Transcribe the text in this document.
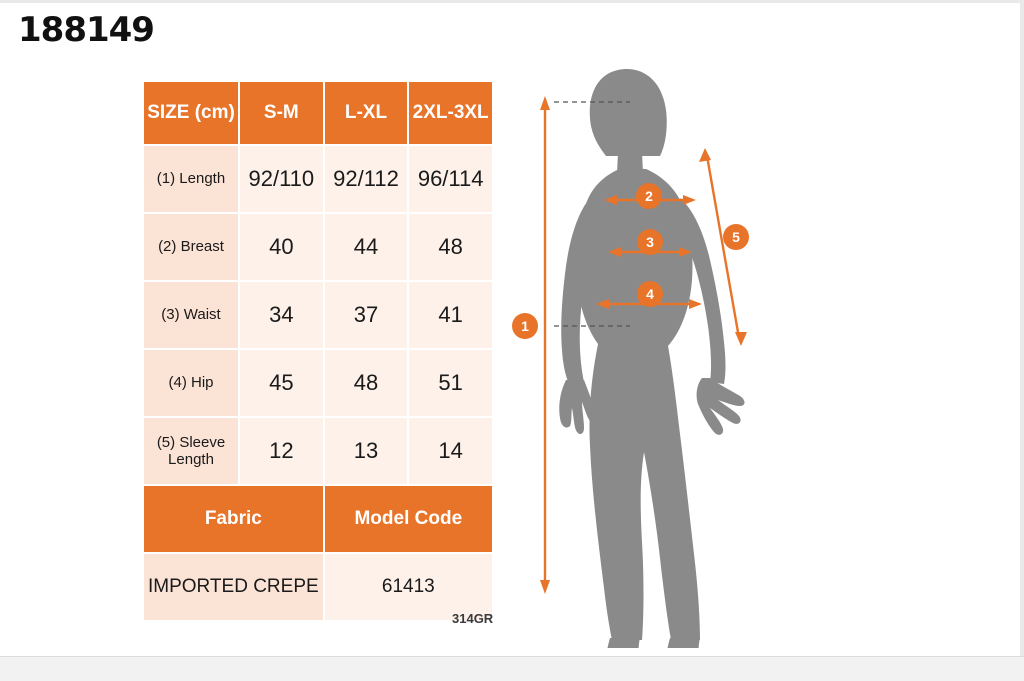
188149
SIZE (cm)	S-M	L-XL	2XL-3XL
(1) Length	92/110	92/112	96/114
(2) Breast	40	44	48
(3) Waist	34	37	41
(4) Hip	45	48	51
(5) Sleeve Length	12	13	14
Fabric		Model Code	
IMPORTED CREPE		61413	
314GR
1
2
3
4
5
